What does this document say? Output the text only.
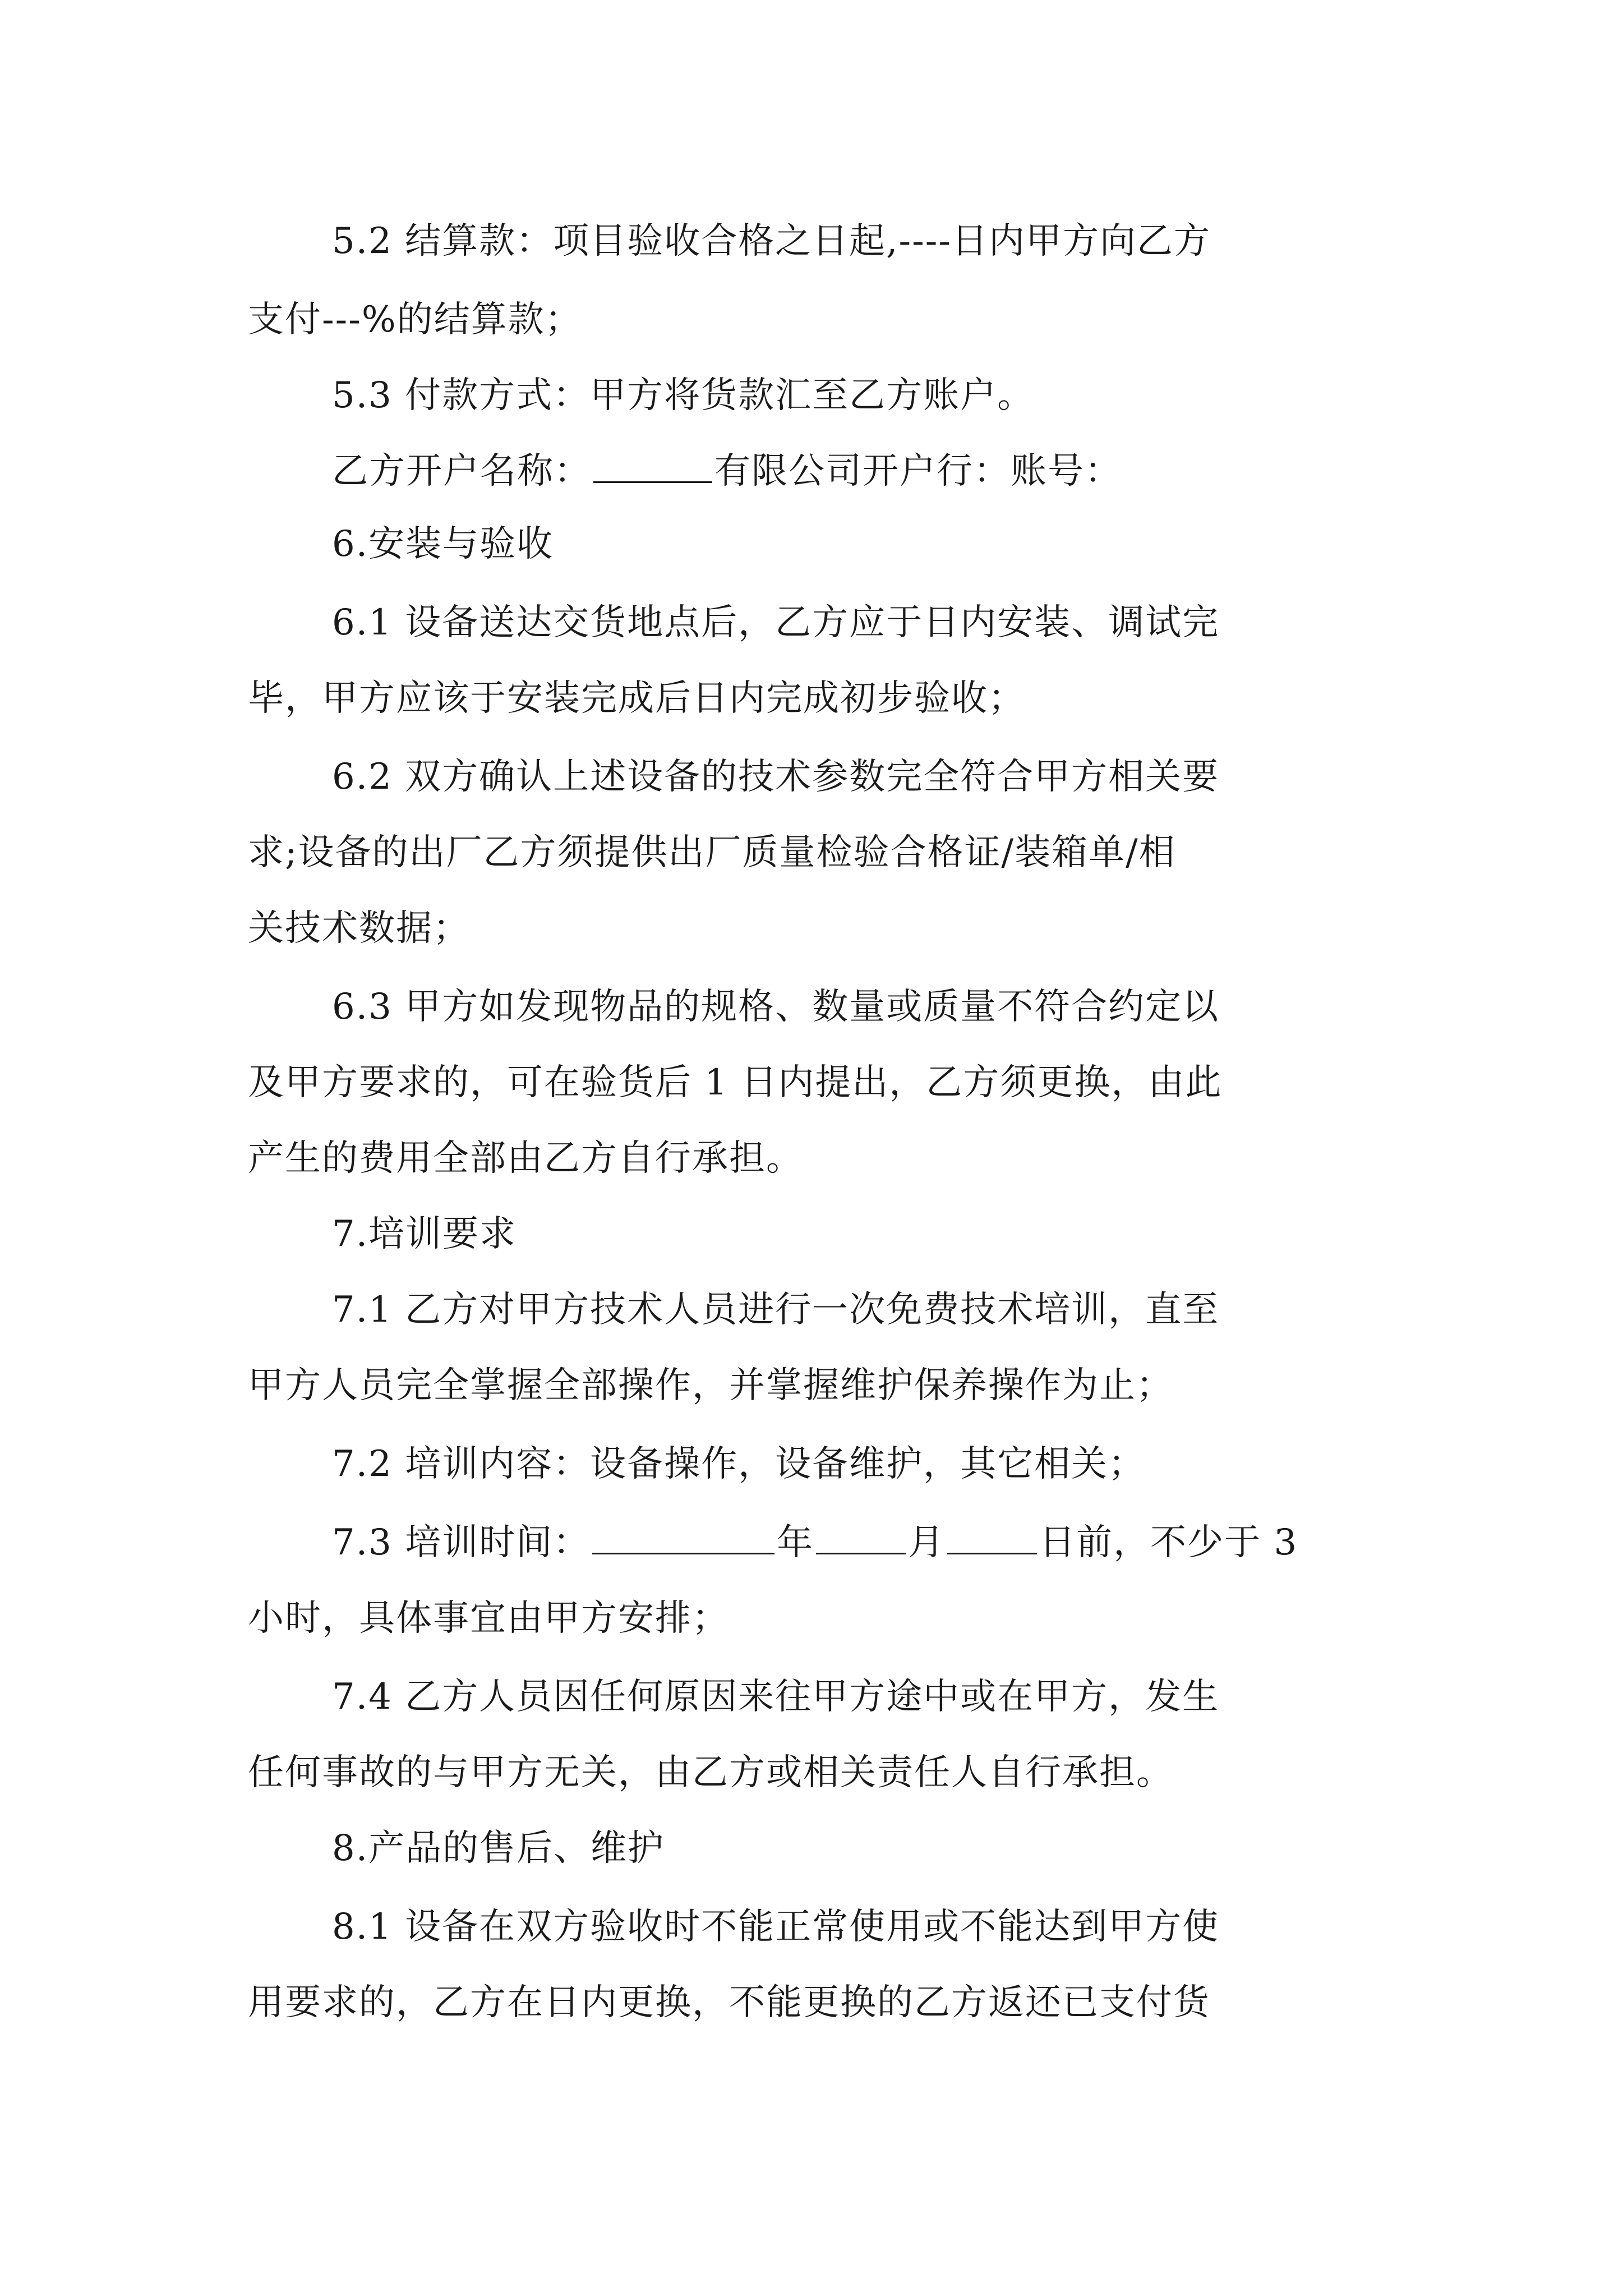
5.2 结算款：项目验收合格之日起,----日内甲方向乙方
支付---%的结算款；
5.3 付款方式：甲方将货款汇至乙方账户。
乙方开户名称：	有限公司开户行：账号：
6.安装与验收
6.1 设备送达交货地点后，乙方应于日内安装、调试完
毕，甲方应该于安装完成后日内完成初步验收；
6.2 双方确认上述设备的技术参数完全符合甲方相关要
求;设备的出厂乙方须提供出厂质量检验合格证/装箱单/相
关技术数据；
6.3 甲方如发现物品的规格、数量或质量不符合约定以
及甲方要求的，可在验货后 1 日内提出，乙方须更换，由此
产生的费用全部由乙方自行承担。
7.培训要求
7.1 乙方对甲方技术人员进行一次免费技术培训，直至
甲方人员完全掌握全部操作，并掌握维护保养操作为止；
7.2 培训内容：设备操作，设备维护，其它相关；
7.3 培训时间：	年	月	日前，不少于 3
小时，具体事宜由甲方安排；
7.4 乙方人员因任何原因来往甲方途中或在甲方，发生
任何事故的与甲方无关，由乙方或相关责任人自行承担。
8.产品的售后、维护
8.1 设备在双方验收时不能正常使用或不能达到甲方使
用要求的，乙方在日内更换，不能更换的乙方返还已支付货
